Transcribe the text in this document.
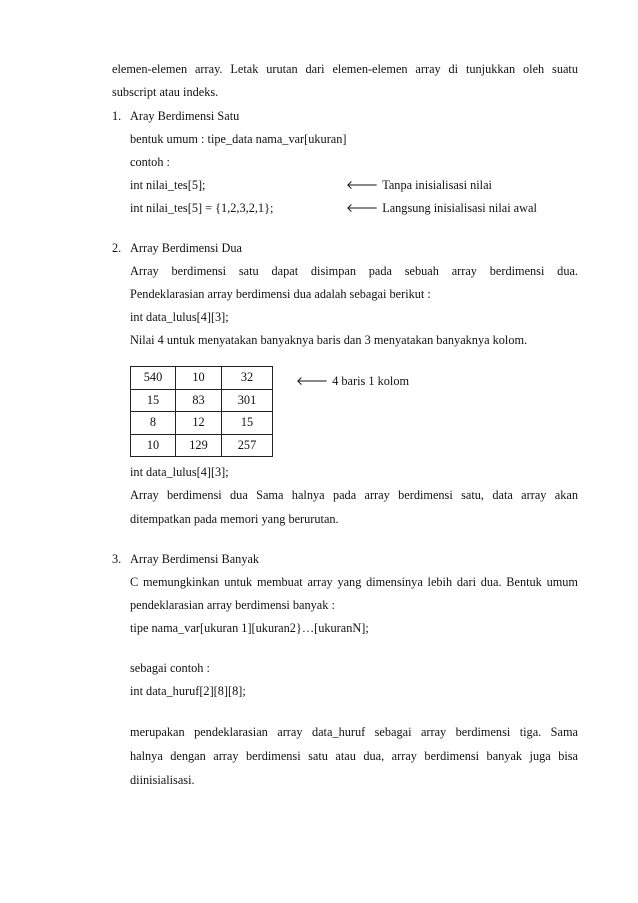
elemen-elemen array. Letak urutan dari elemen-elemen array di tunjukkan oleh suatu
subscript atau indeks.
1. Aray Berdimensi Satu
bentuk umum : tipe_data nama_var[ukuran]
contoh :
int nilai_tes[5];	🡐 Tanpa inisialisasi nilai
int nilai_tes[5] = {1,2,3,2,1};	🡐 Langsung inisialisasi nilai awal
2. Array Berdimensi Dua
Array berdimensi satu dapat disimpan pada sebuah array berdimensi dua.
Pendeklarasian array berdimensi dua adalah sebagai berikut :
int data_lulus[4][3];
Nilai 4 untuk menyatakan banyaknya baris dan 3 menyatakan banyaknya kolom.
540	10	32
15	83	301
8	12	15
10	129	257
🡐 4 baris 1 kolom
int data_lulus[4][3];
Array berdimensi dua Sama halnya pada array berdimensi satu, data array akan
ditempatkan pada memori yang berurutan.
3. Array Berdimensi Banyak
C memungkinkan untuk membuat array yang dimensinya lebih dari dua. Bentuk umum
pendeklarasian array berdimensi banyak :
tipe nama_var[ukuran 1][ukuran2}…[ukuranN];
sebagai contoh :
int data_huruf[2][8][8];
merupakan pendeklarasian array data_huruf sebagai array berdimensi tiga. Sama
halnya dengan array berdimensi satu atau dua, array berdimensi banyak juga bisa
diinisialisasi.
